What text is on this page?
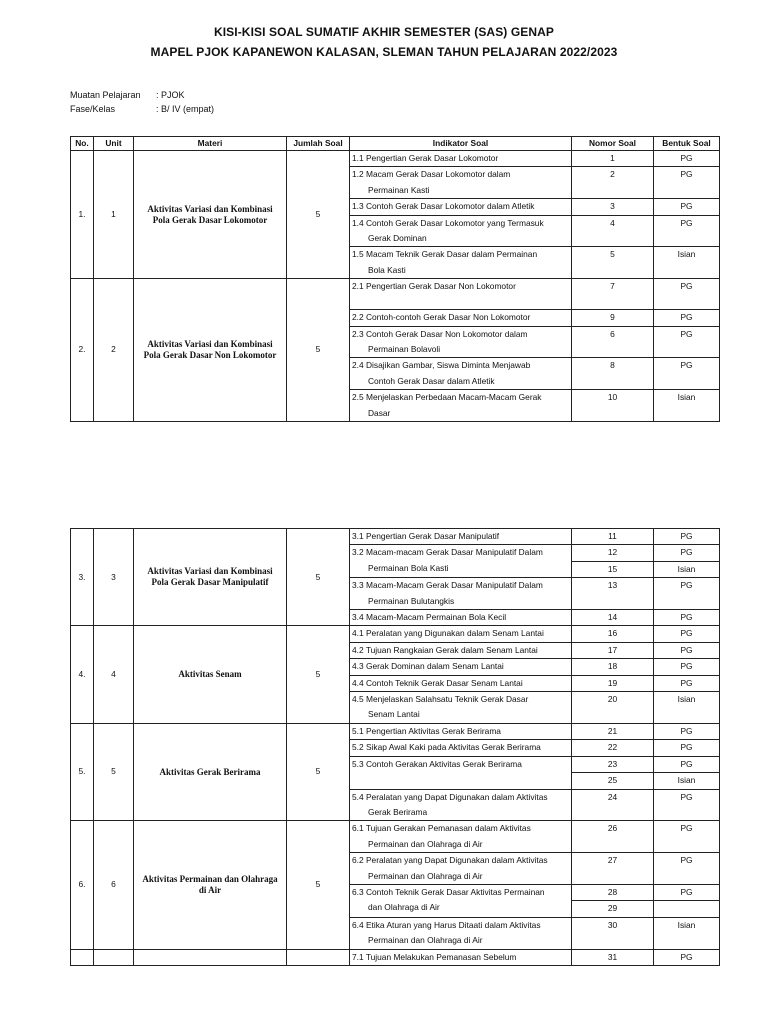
KISI-KISI SOAL SUMATIF AKHIR SEMESTER (SAS) GENAP
MAPEL PJOK KAPANEWON KALASAN, SLEMAN TAHUN PELAJARAN 2022/2023
Muatan Pelajaran : PJOK
Fase/Kelas	: B/ IV (empat)
No.	Unit	Materi	Jumlah Soal	Indikator Soal	Nomor Soal	Bentuk Soal
1.	1	Aktivitas Variasi dan Kombinasi Pola Gerak Dasar Lokomotor	5	1.1 Pengertian Gerak Dasar Lokomotor	1	PG
				1.2 Macam Gerak Dasar Lokomotor dalam
Permainan Kasti	2	PG
				1.3 Contoh Gerak Dasar Lokomotor dalam Atletik	3	PG
				1.4 Contoh Gerak Dasar Lokomotor yang Termasuk
Gerak Dominan	4	PG
				1.5 Macam Teknik Gerak Dasar dalam Permainan
Bola Kasti	5	Isian
2.	2	Aktivitas Variasi dan Kombinasi Pola Gerak Dasar Non Lokomotor	5	2.1 Pengertian Gerak Dasar Non Lokomotor	7	PG
				2.2 Contoh-contoh Gerak Dasar Non Lokomotor	9	PG
				2.3 Contoh Gerak Dasar Non Lokomotor dalam
Permainan Bolavoli	6	PG
				2.4 Disajikan Gambar, Siswa Diminta Menjawab
Contoh Gerak Dasar dalam Atletik	8	PG
				2.5 Menjelaskan Perbedaan Macam-Macam Gerak
Dasar	10	Isian
3.	3	Aktivitas Variasi dan Kombinasi Pola Gerak Dasar Manipulatif	5	3.1 Pengertian Gerak Dasar Manipulatif	11	PG
				3.2 Macam-macam Gerak Dasar Manipulatif Dalam
Permainan Bola Kasti	12	PG
					15	Isian
				3.3 Macam-Macam Gerak Dasar Manipulatif Dalam
Permainan Bulutangkis	13	PG
				3.4 Macam-Macam Permainan Bola Kecil	14	PG
4.	4	Aktivitas Senam	5	4.1 Peralatan yang Digunakan dalam Senam Lantai	16	PG
				4.2 Tujuan Rangkaian Gerak dalam Senam Lantai	17	PG
				4.3 Gerak Dominan dalam Senam Lantai	18	PG
				4.4 Contoh Teknik Gerak Dasar Senam Lantai	19	PG
				4.5 Menjelaskan Salahsatu Teknik Gerak Dasar
Senam Lantai	20	Isian
5.	5	Aktivitas Gerak Berirama	5	5.1 Pengertian Aktivitas Gerak Berirama	21	PG
				5.2 Sikap Awal Kaki pada Aktivitas Gerak Berirama	22	PG
				5.3 Contoh Gerakan Aktivitas Gerak Berirama	23	PG
					25	Isian
				5.4 Peralatan yang Dapat Digunakan dalam Aktivitas
Gerak Berirama	24	PG
6.	6	Aktivitas Permainan dan Olahraga di Air	5	6.1 Tujuan Gerakan Pemanasan dalam Aktivitas
Permainan dan Olahraga di Air	26	PG
				6.2 Peralatan yang Dapat Digunakan dalam Aktivitas
Permainan dan Olahraga di Air	27	PG
				6.3 Contoh Teknik Gerak Dasar Aktivitas Permainan
dan Olahraga di Air	28	PG
					29	
				6.4 Etika Aturan yang Harus Ditaati dalam Aktivitas
Permainan dan Olahraga di Air	30	Isian
				7.1 Tujuan Melakukan Pemanasan Sebelum	31	PG
